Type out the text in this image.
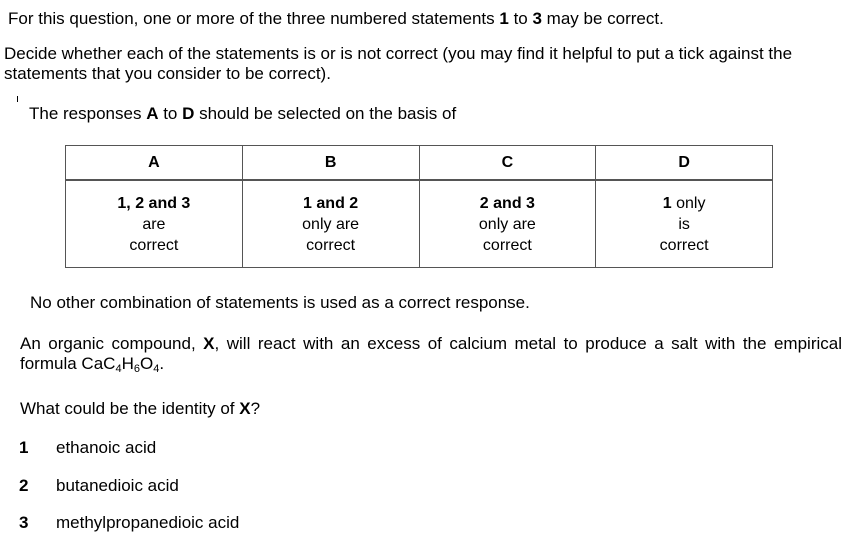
For this question, one or more of the three numbered statements 1 to 3 may be correct.
Decide whether each of the statements is or is not correct (you may find it helpful to put a tick against the statements that you consider to be correct).
The responses A to D should be selected on the basis of
A	B	C	D
1, 2 and 3
are
correct	1 and 2
only are
correct	2 and 3
only are
correct	1 only
is
correct
No other combination of statements is used as a correct response.
An organic compound, X, will react with an excess of calcium metal to produce a salt with the empirical formula $CaC_4H_6O_4$.
What could be the identity of X?
1 ethanoic acid
2 butanedioic acid
3 methylpropanedioic acid
